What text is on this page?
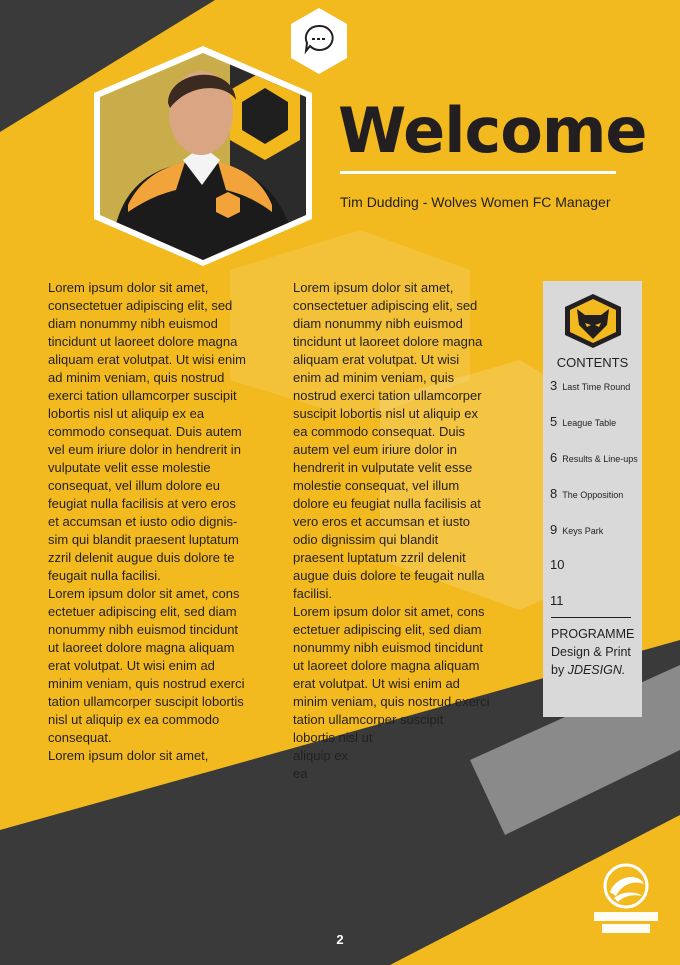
Welcome
Tim Dudding - Wolves Women FC Manager
Lorem ipsum dolor sit amet,
consectetuer adipiscing elit, sed
diam nonummy nibh euismod
tincidunt ut laoreet dolore magna
aliquam erat volutpat. Ut wisi enim
ad minim veniam, quis nostrud
exerci tation ullamcorper suscipit
lobortis nisl ut aliquip ex ea
commodo consequat. Duis autem
vel eum iriure dolor in hendrerit in
vulputate velit esse molestie
consequat, vel illum dolore eu
feugiat nulla facilisis at vero eros
et accumsan et iusto odio dignis-
sim qui blandit praesent luptatum
zzril delenit augue duis dolore te
feugait nulla facilisi.
Lorem ipsum dolor sit amet, cons
ectetuer adipiscing elit, sed diam
nonummy nibh euismod tincidunt
ut laoreet dolore magna aliquam
erat volutpat. Ut wisi enim ad
minim veniam, quis nostrud exerci
tation ullamcorper suscipit lobortis
nisl ut aliquip ex ea commodo
consequat.
Lorem ipsum dolor sit amet,
Lorem ipsum dolor sit amet,
consectetuer adipiscing elit, sed
diam nonummy nibh euismod
tincidunt ut laoreet dolore magna
aliquam erat volutpat. Ut wisi
enim ad minim veniam, quis
nostrud exerci tation ullamcorper
suscipit lobortis nisl ut aliquip ex
ea commodo consequat. Duis
autem vel eum iriure dolor in
hendrerit in vulputate velit esse
molestie consequat, vel illum
dolore eu feugiat nulla facilisis at
vero eros et accumsan et iusto
odio dignissim qui blandit
praesent luptatum zzril delenit
augue duis dolore te feugait nulla
facilisi.
Lorem ipsum dolor sit amet, cons
ectetuer adipiscing elit, sed diam
nonummy nibh euismod tincidunt
ut laoreet dolore magna aliquam
erat volutpat. Ut wisi enim ad
minim veniam, quis nostrud exerci
tation ullamcorper suscipit
lobortis nisl ut
aliquip ex
ea
CONTENTS
3 Last Time Round
5 League Table
6 Results & Line-ups
8 The Opposition
9 Keys Park
10
11
PROGRAMME
Design & Print
by JDESIGN.
2
